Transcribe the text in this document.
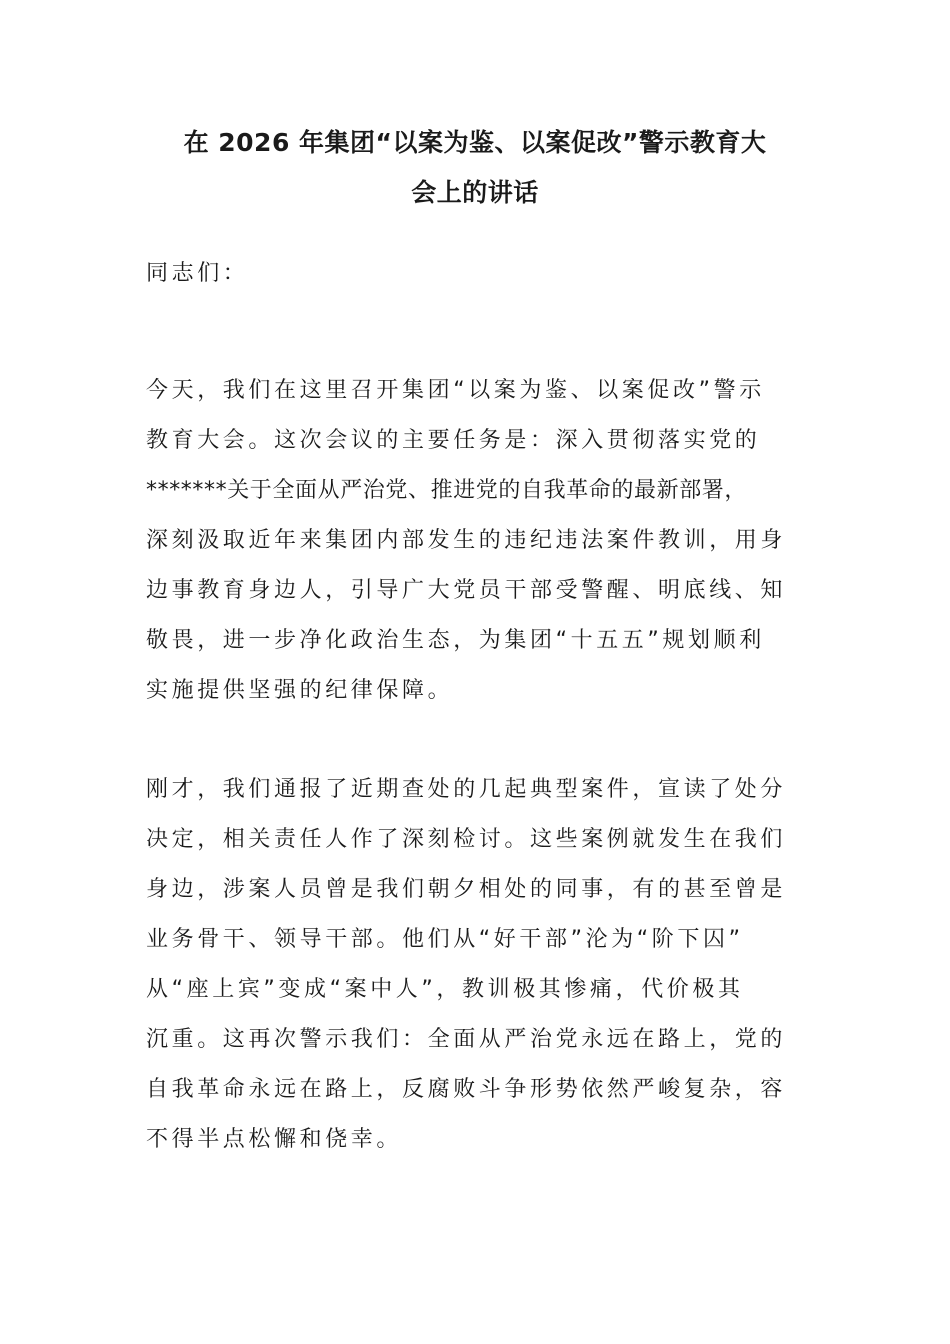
在 2026 年集团“以案为鉴、以案促改”警示教育大
会上的讲话
同志们：
今天，我们在这里召开集团“以案为鉴、以案促改”警示
教育大会。这次会议的主要任务是：深入贯彻落实党的
*******关于全面从严治党、推进党的自我革命的最新部署，
深刻汲取近年来集团内部发生的违纪违法案件教训，用身
边事教育身边人，引导广大党员干部受警醒、明底线、知
敬畏，进一步净化政治生态，为集团“十五五”规划顺利
实施提供坚强的纪律保障。
刚才，我们通报了近期查处的几起典型案件，宣读了处分
决定，相关责任人作了深刻检讨。这些案例就发生在我们
身边，涉案人员曾是我们朝夕相处的同事，有的甚至曾是
业务骨干、领导干部。他们从“好干部”沦为“阶下囚”
从“座上宾”变成“案中人”，教训极其惨痛，代价极其
沉重。这再次警示我们：全面从严治党永远在路上，党的
自我革命永远在路上，反腐败斗争形势依然严峻复杂，容
不得半点松懈和侥幸。
